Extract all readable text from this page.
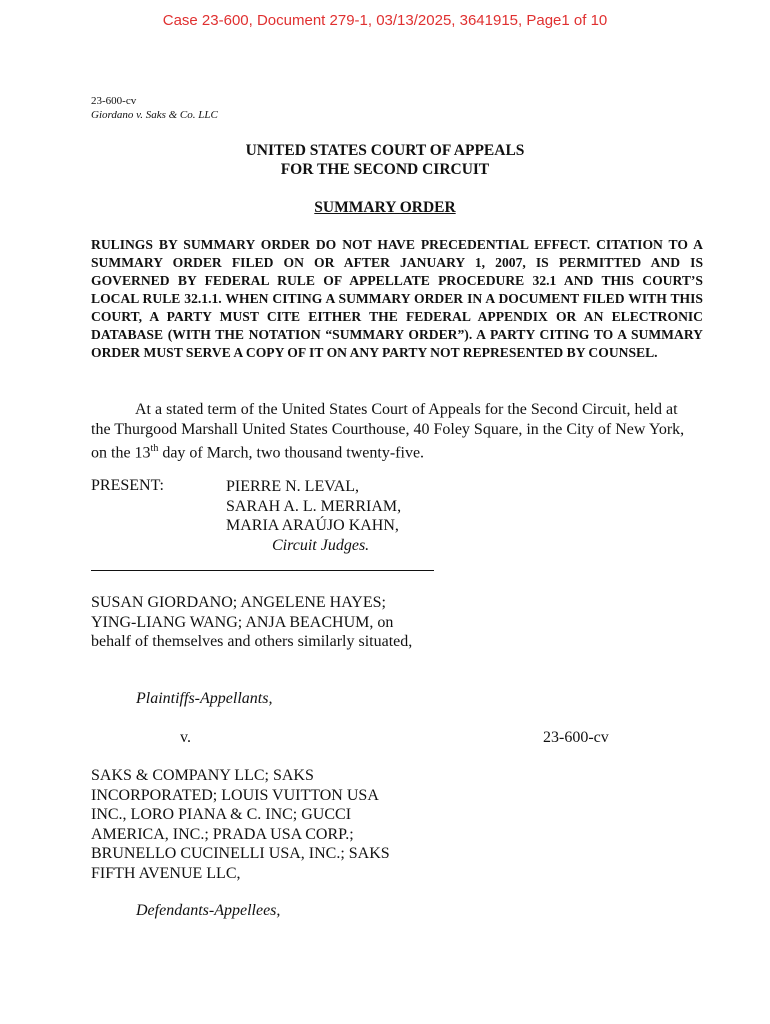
Case 23-600, Document 279-1, 03/13/2025, 3641915, Page1 of 10
23-600-cv
Giordano v. Saks & Co. LLC
UNITED STATES COURT OF APPEALS
FOR THE SECOND CIRCUIT
SUMMARY ORDER
RULINGS BY SUMMARY ORDER DO NOT HAVE PRECEDENTIAL EFFECT. CITATION TO A SUMMARY ORDER FILED ON OR AFTER JANUARY 1, 2007, IS PERMITTED AND IS GOVERNED BY FEDERAL RULE OF APPELLATE PROCEDURE 32.1 AND THIS COURT’S LOCAL RULE 32.1.1. WHEN CITING A SUMMARY ORDER IN A DOCUMENT FILED WITH THIS COURT, A PARTY MUST CITE EITHER THE FEDERAL APPENDIX OR AN ELECTRONIC DATABASE (WITH THE NOTATION “SUMMARY ORDER”). A PARTY CITING TO A SUMMARY ORDER MUST SERVE A COPY OF IT ON ANY PARTY NOT REPRESENTED BY COUNSEL.
At a stated term of the United States Court of Appeals for the Second Circuit, held at the Thurgood Marshall United States Courthouse, 40 Foley Square, in the City of New York, on the 13th day of March, two thousand twenty-five.
PRESENT:	PIERRE N. LEVAL,
SARAH A. L. MERRIAM,
MARIA ARAÚJO KAHN,
Circuit Judges.
SUSAN GIORDANO; ANGELENE HAYES; YING-LIANG WANG; ANJA BEACHUM, on behalf of themselves and others similarly situated,
Plaintiffs-Appellants,
v.	23-600-cv
SAKS & COMPANY LLC; SAKS INCORPORATED; LOUIS VUITTON USA INC., LORO PIANA & C. INC; GUCCI AMERICA, INC.; PRADA USA CORP.; BRUNELLO CUCINELLI USA, INC.; SAKS FIFTH AVENUE LLC,
Defendants-Appellees,
